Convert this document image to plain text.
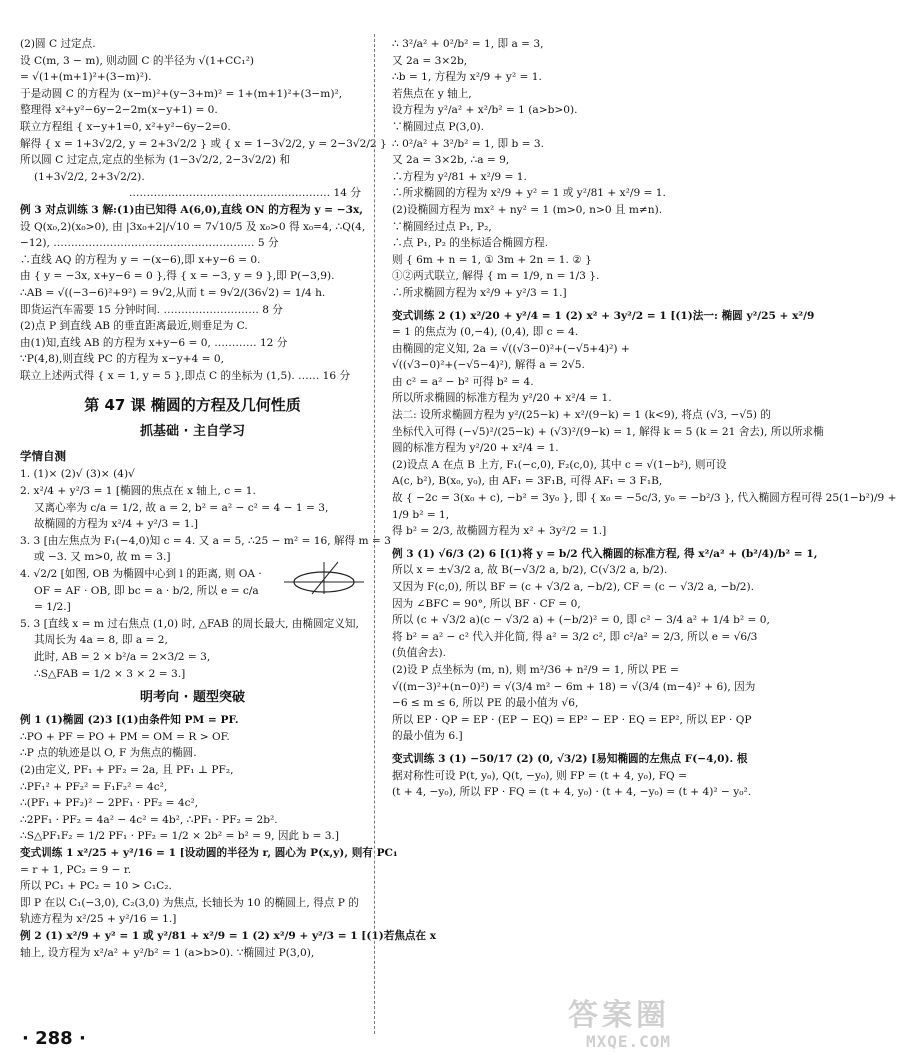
(2)圆 C 过定点.
设 C(m, 3 − m), 则动圆 C 的半径为 √(1+CC₁²)
= √(1+(m+1)²+(3−m)²).
于是动圆 C 的方程为 (x−m)²+(y−3+m)² = 1+(m+1)²+(3−m)²,
整理得 x²+y²−6y−2−2m(x−y+1) = 0.
联立方程组 { x−y+1=0, x²+y²−6y−2=0.
解得 { x = 1+3√2/2, y = 2+3√2/2 } 或 { x = 1−3√2/2, y = 2−3√2/2 }
所以圆 C 过定点,定点的坐标为 (1−3√2/2, 2−3√2/2) 和
(1+3√2/2, 2+3√2/2).
………………………………………………… 14 分
例 3 对点训练 3 解:(1)由已知得 A(6,0),直线 ON 的方程为 y = −3x,
设 Q(x₀,2)(x₀>0), 由 |3x₀+2|/√10 = 7√10/5 及 x₀>0 得 x₀=4, ∴Q(4,
−12), ………………………………………………… 5 分
∴直线 AQ 的方程为 y = −(x−6),即 x+y−6 = 0.
由 { y = −3x, x+y−6 = 0 },得 { x = −3, y = 9 },即 P(−3,9).
∴AB = √((−3−6)²+9²) = 9√2,从而 t = 9√2/(36√2) = 1/4 h.
即货运汽车需要 15 分钟时间. ……………………… 8 分
(2)点 P 到直线 AB 的垂直距离最近,则垂足为 C.
由(1)知,直线 AB 的方程为 x+y−6 = 0, ………… 12 分
∵P(4,8),则直线 PC 的方程为 x−y+4 = 0,
联立上述两式得 { x = 1, y = 5 },即点 C 的坐标为 (1,5). …… 16 分
第 47 课 椭圆的方程及几何性质
抓基础 · 主自学习
学情自测
1. (1)× (2)√ (3)× (4)√
2. x²/4 + y²/3 = 1 [椭圆的焦点在 x 轴上, c = 1.
又离心率为 c/a = 1/2, 故 a = 2, b² = a² − c² = 4 − 1 = 3,
故椭圆的方程为 x²/4 + y²/3 = 1.]
3. 3 [由左焦点为 F₁(−4,0)知 c = 4. 又 a = 5, ∴25 − m² = 16, 解得 m = 3
或 −3. 又 m>0, 故 m = 3.]
4. √2/2 [如图, OB 为椭圆中心到 l 的距离, 则 OA ·
OF = AF · OB, 即 bc = a · b/2, 所以 e = c/a
= 1/2.]
5. 3 [直线 x = m 过右焦点 (1,0) 时, △FAB 的周长最大, 由椭圆定义知,
其周长为 4a = 8, 即 a = 2,
此时, AB = 2 × b²/a = 2×3/2 = 3,
∴S△FAB = 1/2 × 3 × 2 = 3.]
明考向 · 题型突破
例 1 (1)椭圆 (2)3 [(1)由条件知 PM = PF.
∴PO + PF = PO + PM = OM = R > OF.
∴P 点的轨迹是以 O, F 为焦点的椭圆.
(2)由定义, PF₁ + PF₂ = 2a, 且 PF₁ ⊥ PF₂,
∴PF₁² + PF₂² = F₁F₂² = 4c²,
∴(PF₁ + PF₂)² − 2PF₁ · PF₂ = 4c²,
∴2PF₁ · PF₂ = 4a² − 4c² = 4b², ∴PF₁ · PF₂ = 2b².
∴S△PF₁F₂ = 1/2 PF₁ · PF₂ = 1/2 × 2b² = b² = 9, 因此 b = 3.]
变式训练 1 x²/25 + y²/16 = 1 [设动圆的半径为 r, 圆心为 P(x,y), 则有 PC₁
= r + 1, PC₂ = 9 − r.
所以 PC₁ + PC₂ = 10 > C₁C₂.
即 P 在以 C₁(−3,0), C₂(3,0) 为焦点, 长轴长为 10 的椭圆上, 得点 P 的
轨迹方程为 x²/25 + y²/16 = 1.]
例 2 (1) x²/9 + y² = 1 或 y²/81 + x²/9 = 1 (2) x²/9 + y²/3 = 1 [(1)若焦点在 x
轴上, 设方程为 x²/a² + y²/b² = 1 (a>b>0). ∵椭圆过 P(3,0),
∴ 3²/a² + 0²/b² = 1, 即 a = 3,
又 2a = 3×2b,
∴b = 1, 方程为 x²/9 + y² = 1.
若焦点在 y 轴上,
设方程为 y²/a² + x²/b² = 1 (a>b>0).
∵椭圆过点 P(3,0).
∴ 0²/a² + 3²/b² = 1, 即 b = 3.
又 2a = 3×2b, ∴a = 9,
∴方程为 y²/81 + x²/9 = 1.
∴所求椭圆的方程为 x²/9 + y² = 1 或 y²/81 + x²/9 = 1.
(2)设椭圆方程为 mx² + ny² = 1 (m>0, n>0 且 m≠n).
∵椭圆经过点 P₁, P₂,
∴点 P₁, P₂ 的坐标适合椭圆方程.
则 { 6m + n = 1, ① 3m + 2n = 1. ② }
①②两式联立, 解得 { m = 1/9, n = 1/3 }.
∴所求椭圆方程为 x²/9 + y²/3 = 1.]
变式训练 2 (1) x²/20 + y²/4 = 1 (2) x² + 3y²/2 = 1 [(1)法一: 椭圆 y²/25 + x²/9
= 1 的焦点为 (0,−4), (0,4), 即 c = 4.
由椭圆的定义知, 2a = √((√3−0)²+(−√5+4)²) +
√((√3−0)²+(−√5−4)²), 解得 a = 2√5.
由 c² = a² − b² 可得 b² = 4.
所以所求椭圆的标准方程为 y²/20 + x²/4 = 1.
法二: 设所求椭圆方程为 y²/(25−k) + x²/(9−k) = 1 (k<9), 将点 (√3, −√5) 的
坐标代入可得 (−√5)²/(25−k) + (√3)²/(9−k) = 1, 解得 k = 5 (k = 21 舍去), 所以所求椭
圆的标准方程为 y²/20 + x²/4 = 1.
(2)设点 A 在点 B 上方, F₁(−c,0), F₂(c,0), 其中 c = √(1−b²), 则可设
A(c, b²), B(x₀, y₀), 由 AF₁ = 3F₁B, 可得 AF₁ = 3 F₁B,
故 { −2c = 3(x₀ + c), −b² = 3y₀ }, 即 { x₀ = −5c/3, y₀ = −b²/3 }, 代入椭圆方程可得 25(1−b²)/9 +
1/9 b² = 1,
得 b² = 2/3, 故椭圆方程为 x² + 3y²/2 = 1.]
例 3 (1) √6/3 (2) 6 [(1)将 y = b/2 代入椭圆的标准方程, 得 x²/a² + (b²/4)/b² = 1,
所以 x = ±√3/2 a, 故 B(−√3/2 a, b/2), C(√3/2 a, b/2).
又因为 F(c,0), 所以 BF = (c + √3/2 a, −b/2), CF = (c − √3/2 a, −b/2).
因为 ∠BFC = 90°, 所以 BF · CF = 0,
所以 (c + √3/2 a)(c − √3/2 a) + (−b/2)² = 0, 即 c² − 3/4 a² + 1/4 b² = 0,
将 b² = a² − c² 代入并化简, 得 a² = 3/2 c², 即 c²/a² = 2/3, 所以 e = √6/3
(负值舍去).
(2)设 P 点坐标为 (m, n), 则 m²/36 + n²/9 = 1, 所以 PE =
√((m−3)²+(n−0)²) = √(3/4 m² − 6m + 18) = √(3/4 (m−4)² + 6), 因为
−6 ≤ m ≤ 6, 所以 PE 的最小值为 √6,
所以 EP · QP = EP · (EP − EQ) = EP² − EP · EQ = EP², 所以 EP · QP
的最小值为 6.]
变式训练 3 (1) −50/17 (2) (0, √3/2) [易知椭圆的左焦点 F(−4,0). 根
据对称性可设 P(t, y₀), Q(t, −y₀), 则 FP = (t + 4, y₀), FQ =
(t + 4, −y₀), 所以 FP · FQ = (t + 4, y₀) · (t + 4, −y₀) = (t + 4)² − y₀².
· 288 ·
答案圈
MXQE.COM
